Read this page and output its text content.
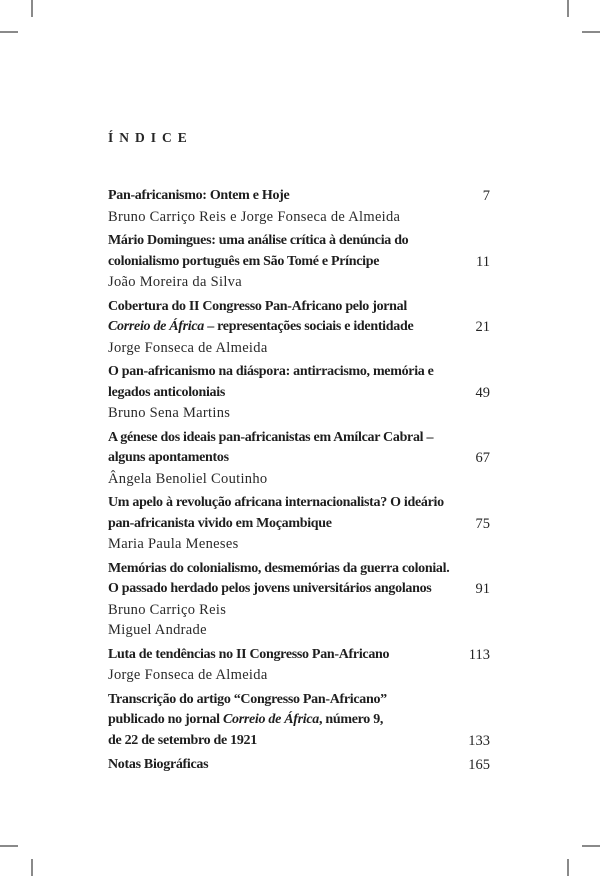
ÍNDICE
Pan-africanismo: Ontem e Hoje	7
Bruno Carriço Reis e Jorge Fonseca de Almeida
Mário Domingues: uma análise crítica à denúncia do
colonialismo português em São Tomé e Príncipe	11
João Moreira da Silva
Cobertura do II Congresso Pan-Africano pelo jornal
Correio de África – representações sociais e identidade	21
Jorge Fonseca de Almeida
O pan-africanismo na diáspora: antirracismo, memória e
legados anticoloniais	49
Bruno Sena Martins
A génese dos ideais pan-africanistas em Amílcar Cabral –
alguns apontamentos	67
Ângela Benoliel Coutinho
Um apelo à revolução africana internacionalista? O ideário
pan-africanista vivido em Moçambique	75
Maria Paula Meneses
Memórias do colonialismo, desmemórias da guerra colonial.
O passado herdado pelos jovens universitários angolanos	91
Bruno Carriço Reis
Miguel Andrade
Luta de tendências no II Congresso Pan-Africano	113
Jorge Fonseca de Almeida
Transcrição do artigo “Congresso Pan-Africano”
publicado no jornal Correio de África, número 9,
de 22 de setembro de 1921	133
Notas Biográficas	165
